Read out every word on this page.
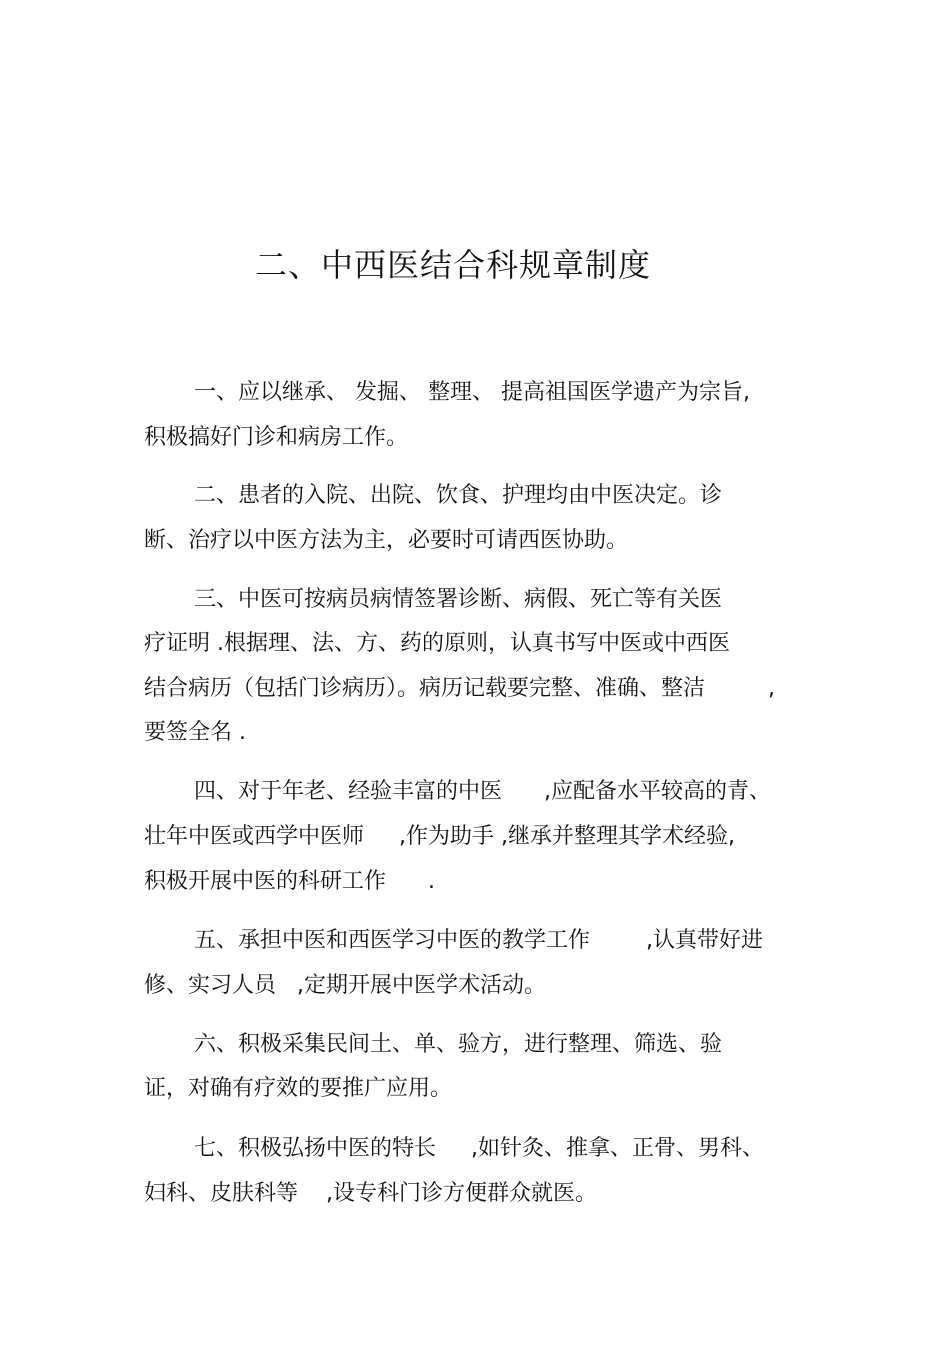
二、中西医结合科规章制度
一、应以继承、 发掘、 整理、 提高祖国医学遗产为宗旨,
积极搞好门诊和病房工作。
二、患者的入院、出院、饮食、护理均由中医决定。诊
断、治疗以中医方法为主，必要时可请西医协助。
三、中医可按病员病情签署诊断、病假、死亡等有关医
疗证明 .根据理、法、方、药的原则，认真书写中医或中西医
结合病历（包括门诊病历）。病历记载要完整、准确、整洁         ,
要签全名 .
四、对于年老、经验丰富的中医      ,应配备水平较高的青、
壮年中医或西学中医师     ,作为助手 ,继承并整理其学术经验,
积极开展中医的科研工作      .
五、承担中医和西医学习中医的教学工作        ,认真带好进
修、实习人员   ,定期开展中医学术活动。
六、积极采集民间土、单、验方，进行整理、筛选、验
证，对确有疗效的要推广应用。
七、积极弘扬中医的特长     ,如针灸、推拿、正骨、男科、
妇科、皮肤科等    ,设专科门诊方便群众就医。
